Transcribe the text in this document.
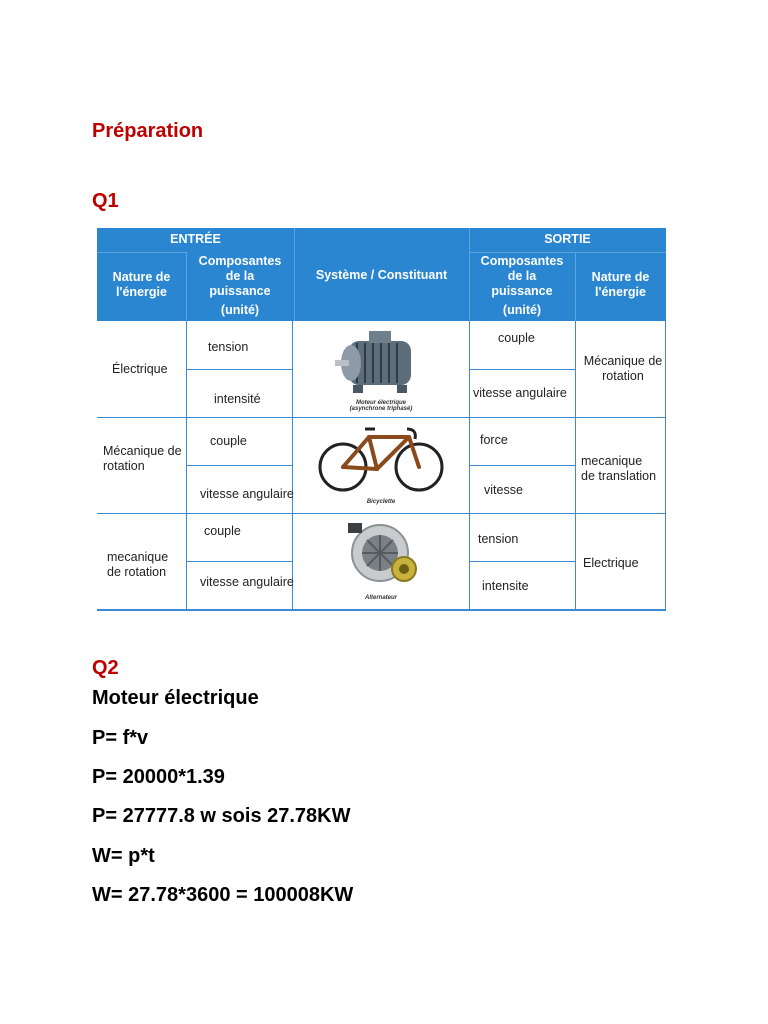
Préparation
Q1
ENTRÉE	SORTIE
Nature de
l'énergie
Composantes
de la
puissance
(unité)
Système / Constituant
Composantes
de la
puissance
(unité)
Nature de
l'énergie
Électrique
tension
intensité
couple
vitesse angulaire
Mécanique de
rotation
Moteur électrique
(asynchrone triphasé)
Mécanique de
rotation
couple
vitesse angulaire
force
vitesse
mecanique
de translation
Bicyclette
mecanique
de rotation
couple
vitesse angulaire
tension
intensite
Electrique
Alternateur
Q2
Moteur électrique
P= f*v
P= 20000*1.39
P= 27777.8 w sois 27.78KW
W= p*t
W= 27.78*3600 = 100008KW
